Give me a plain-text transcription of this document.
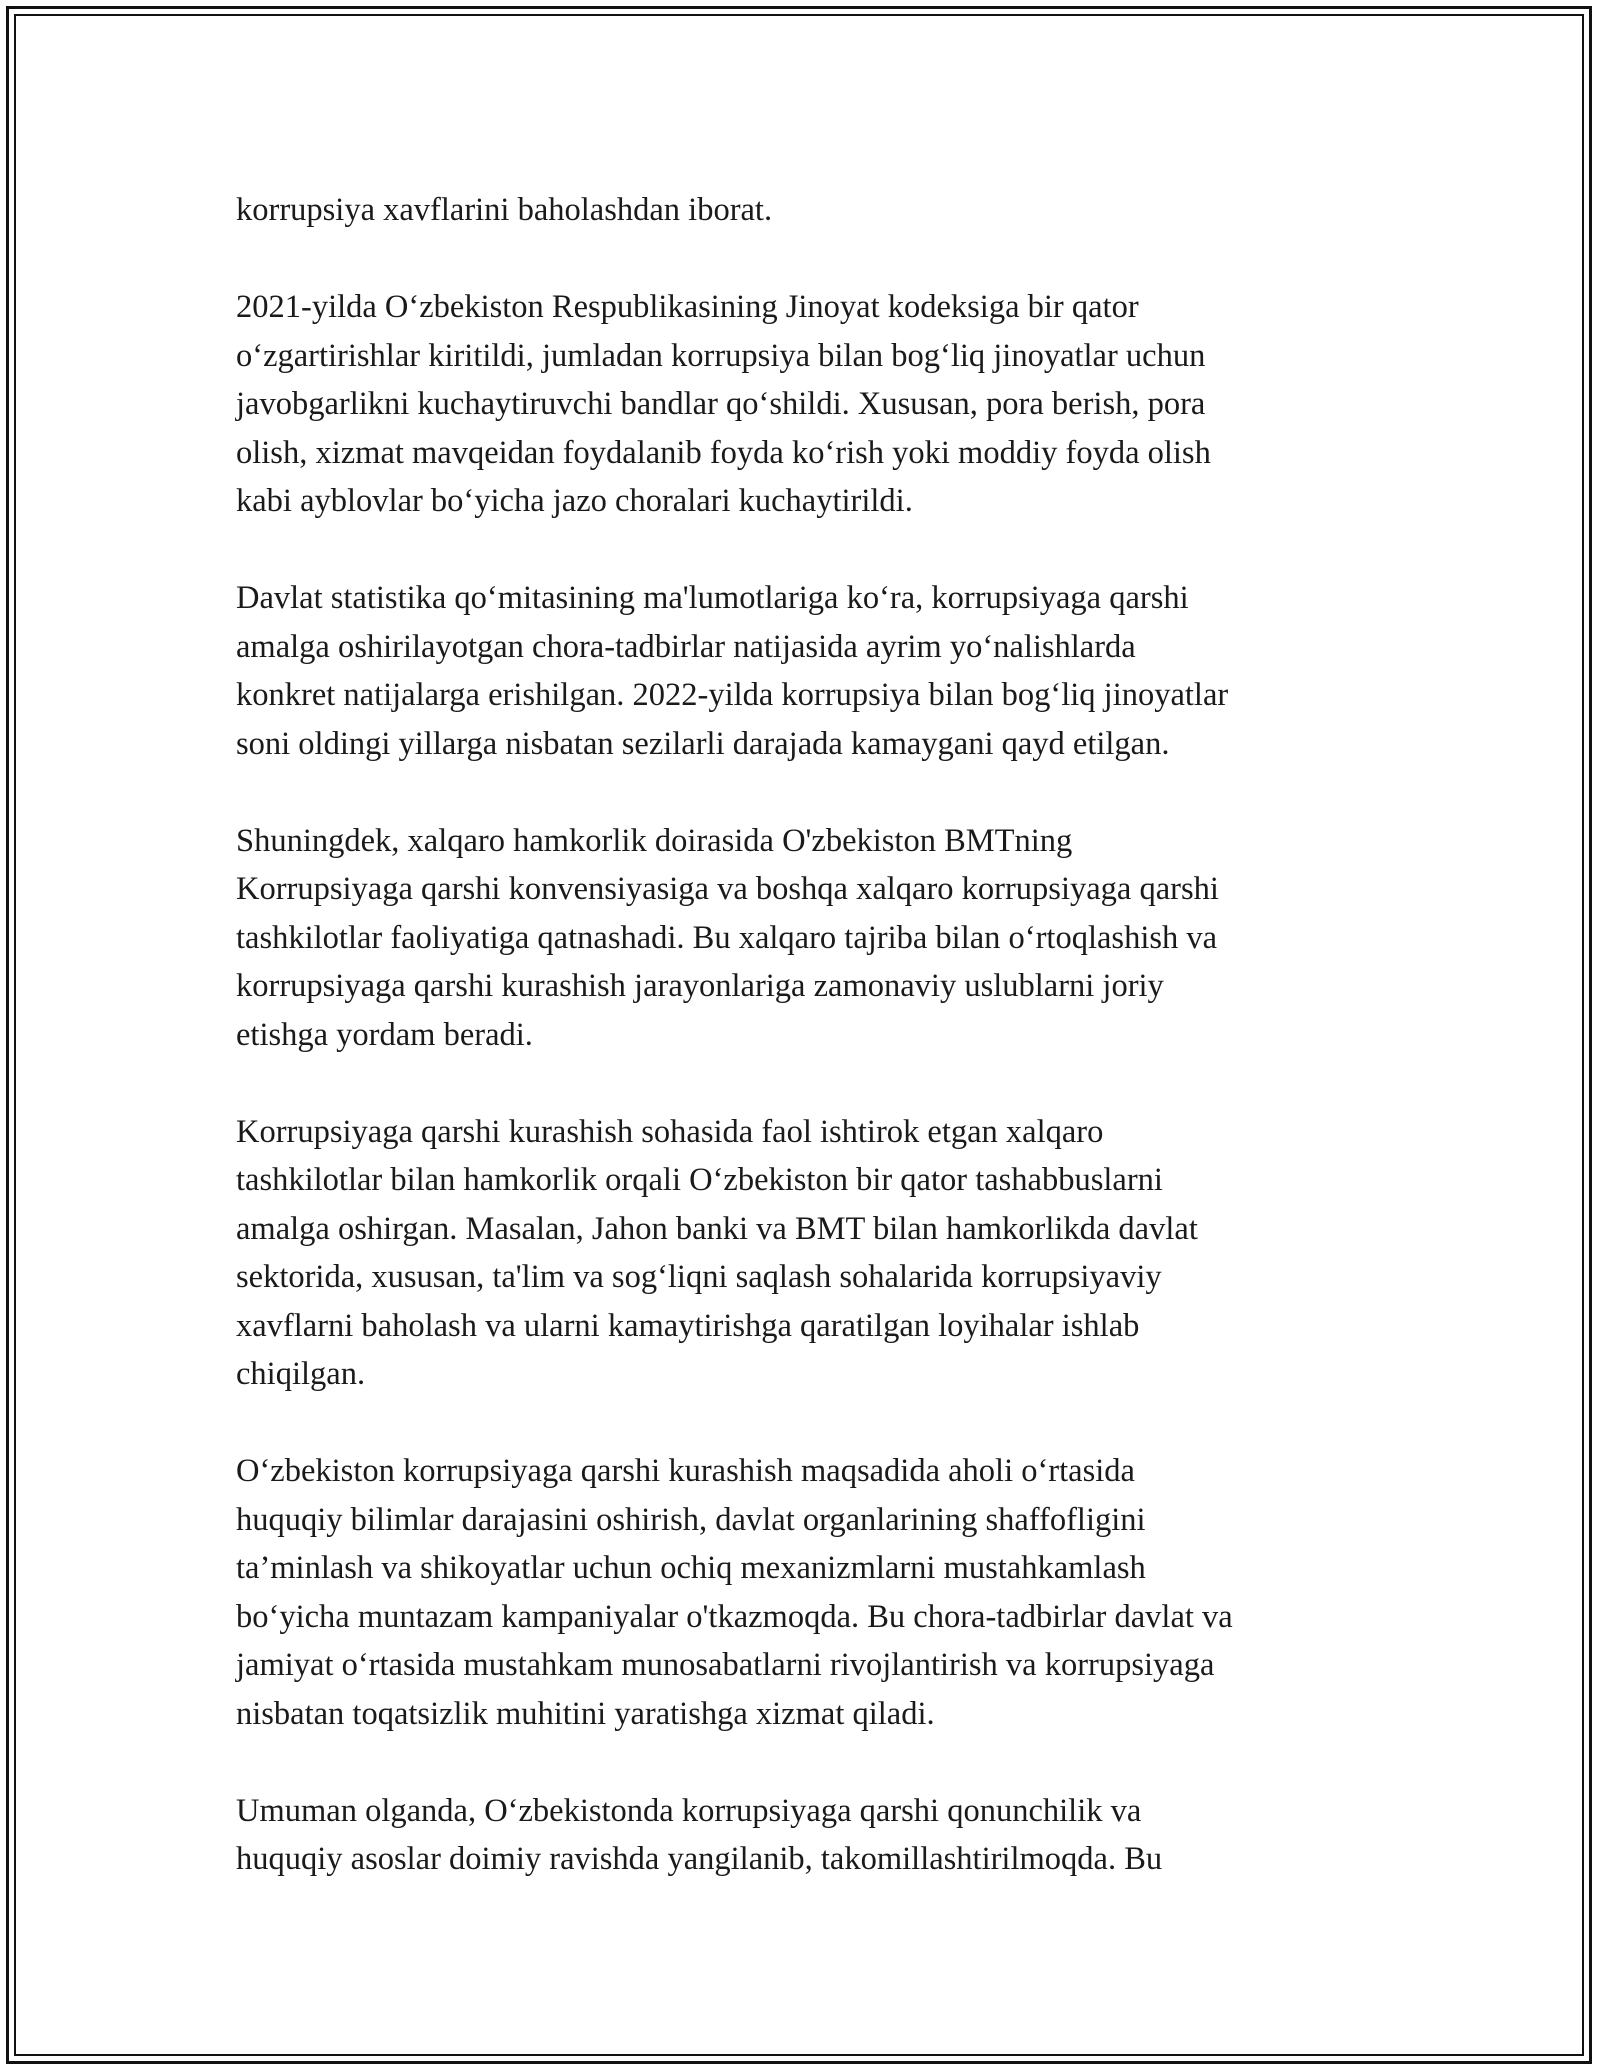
korrupsiya xavflarini baholashdan iborat.
2021-yilda O‘zbekiston Respublikasining Jinoyat kodeksiga bir qator
o‘zgartirishlar kiritildi, jumladan korrupsiya bilan bog‘liq jinoyatlar uchun
javobgarlikni kuchaytiruvchi bandlar qo‘shildi. Xususan, pora berish, pora
olish, xizmat mavqeidan foydalanib foyda ko‘rish yoki moddiy foyda olish
kabi ayblovlar bo‘yicha jazo choralari kuchaytirildi.
Davlat statistika qo‘mitasining ma'lumotlariga ko‘ra, korrupsiyaga qarshi
amalga oshirilayotgan chora-tadbirlar natijasida ayrim yo‘nalishlarda
konkret natijalarga erishilgan. 2022-yilda korrupsiya bilan bog‘liq jinoyatlar
soni oldingi yillarga nisbatan sezilarli darajada kamaygani qayd etilgan.
Shuningdek, xalqaro hamkorlik doirasida O'zbekiston BMTning
Korrupsiyaga qarshi konvensiyasiga va boshqa xalqaro korrupsiyaga qarshi
tashkilotlar faoliyatiga qatnashadi. Bu xalqaro tajriba bilan o‘rtoqlashish va
korrupsiyaga qarshi kurashish jarayonlariga zamonaviy uslublarni joriy
etishga yordam beradi.
Korrupsiyaga qarshi kurashish sohasida faol ishtirok etgan xalqaro
tashkilotlar bilan hamkorlik orqali O‘zbekiston bir qator tashabbuslarni
amalga oshirgan. Masalan, Jahon banki va BMT bilan hamkorlikda davlat
sektorida, xususan, ta'lim va sog‘liqni saqlash sohalarida korrupsiyaviy
xavflarni baholash va ularni kamaytirishga qaratilgan loyihalar ishlab
chiqilgan.
O‘zbekiston korrupsiyaga qarshi kurashish maqsadida aholi o‘rtasida
huquqiy bilimlar darajasini oshirish, davlat organlarining shaffofligini
ta’minlash va shikoyatlar uchun ochiq mexanizmlarni mustahkamlash
bo‘yicha muntazam kampaniyalar o'tkazmoqda. Bu chora-tadbirlar davlat va
jamiyat o‘rtasida mustahkam munosabatlarni rivojlantirish va korrupsiyaga
nisbatan toqatsizlik muhitini yaratishga xizmat qiladi.
Umuman olganda, O‘zbekistonda korrupsiyaga qarshi qonunchilik va
huquqiy asoslar doimiy ravishda yangilanib, takomillashtirilmoqda. Bu
